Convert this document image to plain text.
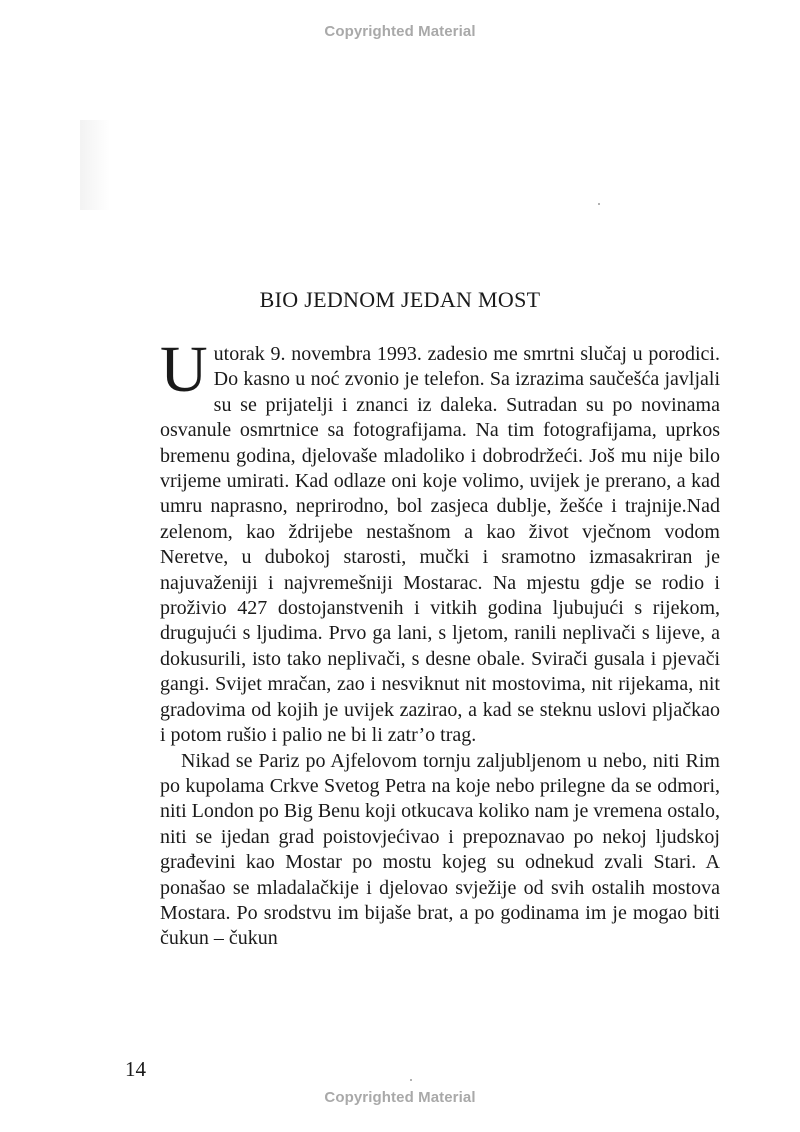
Copyrighted Material
BIO JEDNOM JEDAN MOST

Uutorak 9. novembra 1993. zadesio me smrtni slučaj u porodici. Do kasno u noć zvonio je telefon. Sa izrazima saučešća javljali su se prijatelji i znanci iz daleka. Sutradan su po novinama osvanule osmrtnice sa fotografijama. Na tim fotografijama, uprkos bremenu godina, djelovaše mladoliko i dobrodržeći. Još mu nije bilo vrijeme umirati. Kad odlaze oni koje volimo, uvijek je prerano, a kad umru naprasno, neprirodno, bol zasjeca dublje, žešće i trajnije.Nad zelenom, kao ždrijebe nestašnom a kao život vječnom vodom Neretve, u dubokoj starosti, mučki i sramotno izmasakriran je najuvaženiji i najvremešniji Mostarac. Na mjestu gdje se rodio i proživio 427 dostojanstvenih i vitkih godina ljubujući s rijekom, drugujući s ljudima. Prvo ga lani, s ljetom, ranili neplivači s lijeve, a dokusurili, isto tako neplivači, s desne obale. Svirači gusala i pjevači gangi. Svijet mračan, zao i nesviknut nit mostovima, nit rijekama, nit gradovima od kojih je uvijek zazirao, a kad se steknu uslovi pljačkao i potom rušio i palio ne bi li zatr’o trag.

Nikad se Pariz po Ajfelovom tornju zaljubljenom u nebo, niti Rim po kupolama Crkve Svetog Petra na koje nebo prilegne da se odmori, niti London po Big Benu koji otkucava koliko nam je vremena ostalo, niti se ijedan grad poistovjećivao i prepoznavao po nekoj ljudskoj građevini kao Mostar po mostu kojeg su odnekud zvali Stari. A ponašao se mladalačkije i djelovao svježije od svih ostalih mostova Mostara. Po srodstvu im bijaše brat, a po godinama im je mogao biti čukun – čukun

14
Copyrighted Material
